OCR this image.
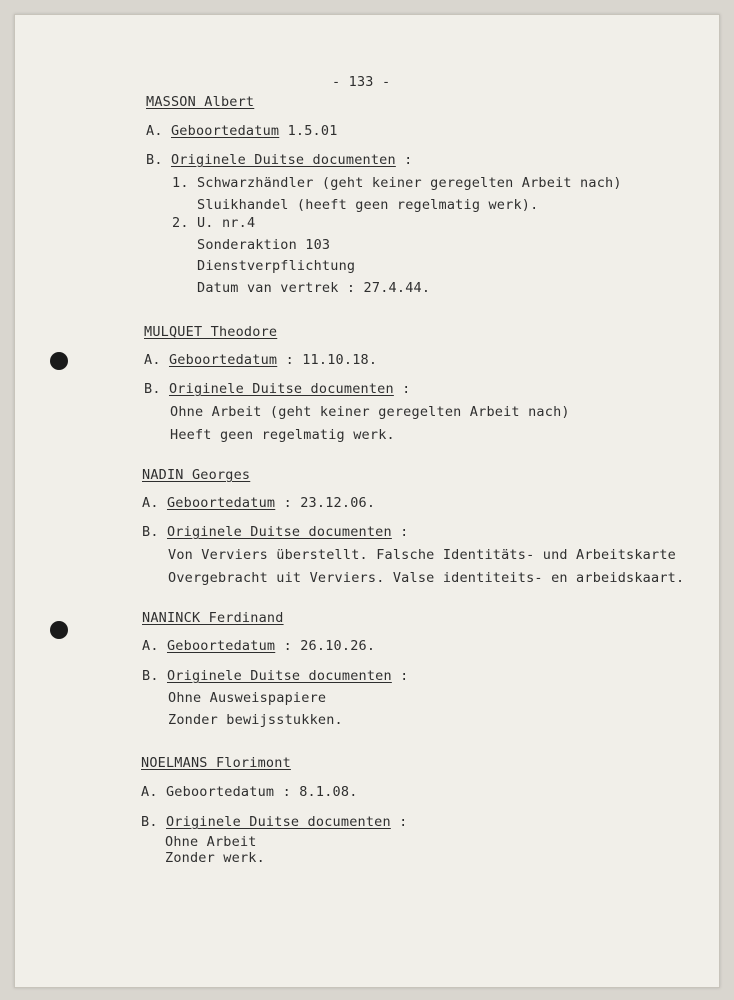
- 133 -
MASSON Albert
A. Geboortedatum 1.5.01
B. Originele Duitse documenten :
1. Schwarzhändler (geht keiner geregelten Arbeit nach)
Sluikhandel (heeft geen regelmatig werk).
2. U. nr.4
Sonderaktion 103
Dienstverpflichtung
Datum van vertrek : 27.4.44.
MULQUET Theodore
A. Geboortedatum : 11.10.18.
B. Originele Duitse documenten :
Ohne Arbeit (geht keiner geregelten Arbeit nach)
Heeft geen regelmatig werk.
NADIN Georges
A. Geboortedatum : 23.12.06.
B. Originele Duitse documenten :
Von Verviers überstellt. Falsche Identitäts- und Arbeitskarte
Overgebracht uit Verviers. Valse identiteits- en arbeidskaart.
NANINCK Ferdinand
A. Geboortedatum : 26.10.26.
B. Originele Duitse documenten :
Ohne Ausweispapiere
Zonder bewijsstukken.
NOELMANS Florimont
A. Geboortedatum : 8.1.08.
B. Originele Duitse documenten :
Ohne Arbeit
Zonder werk.
